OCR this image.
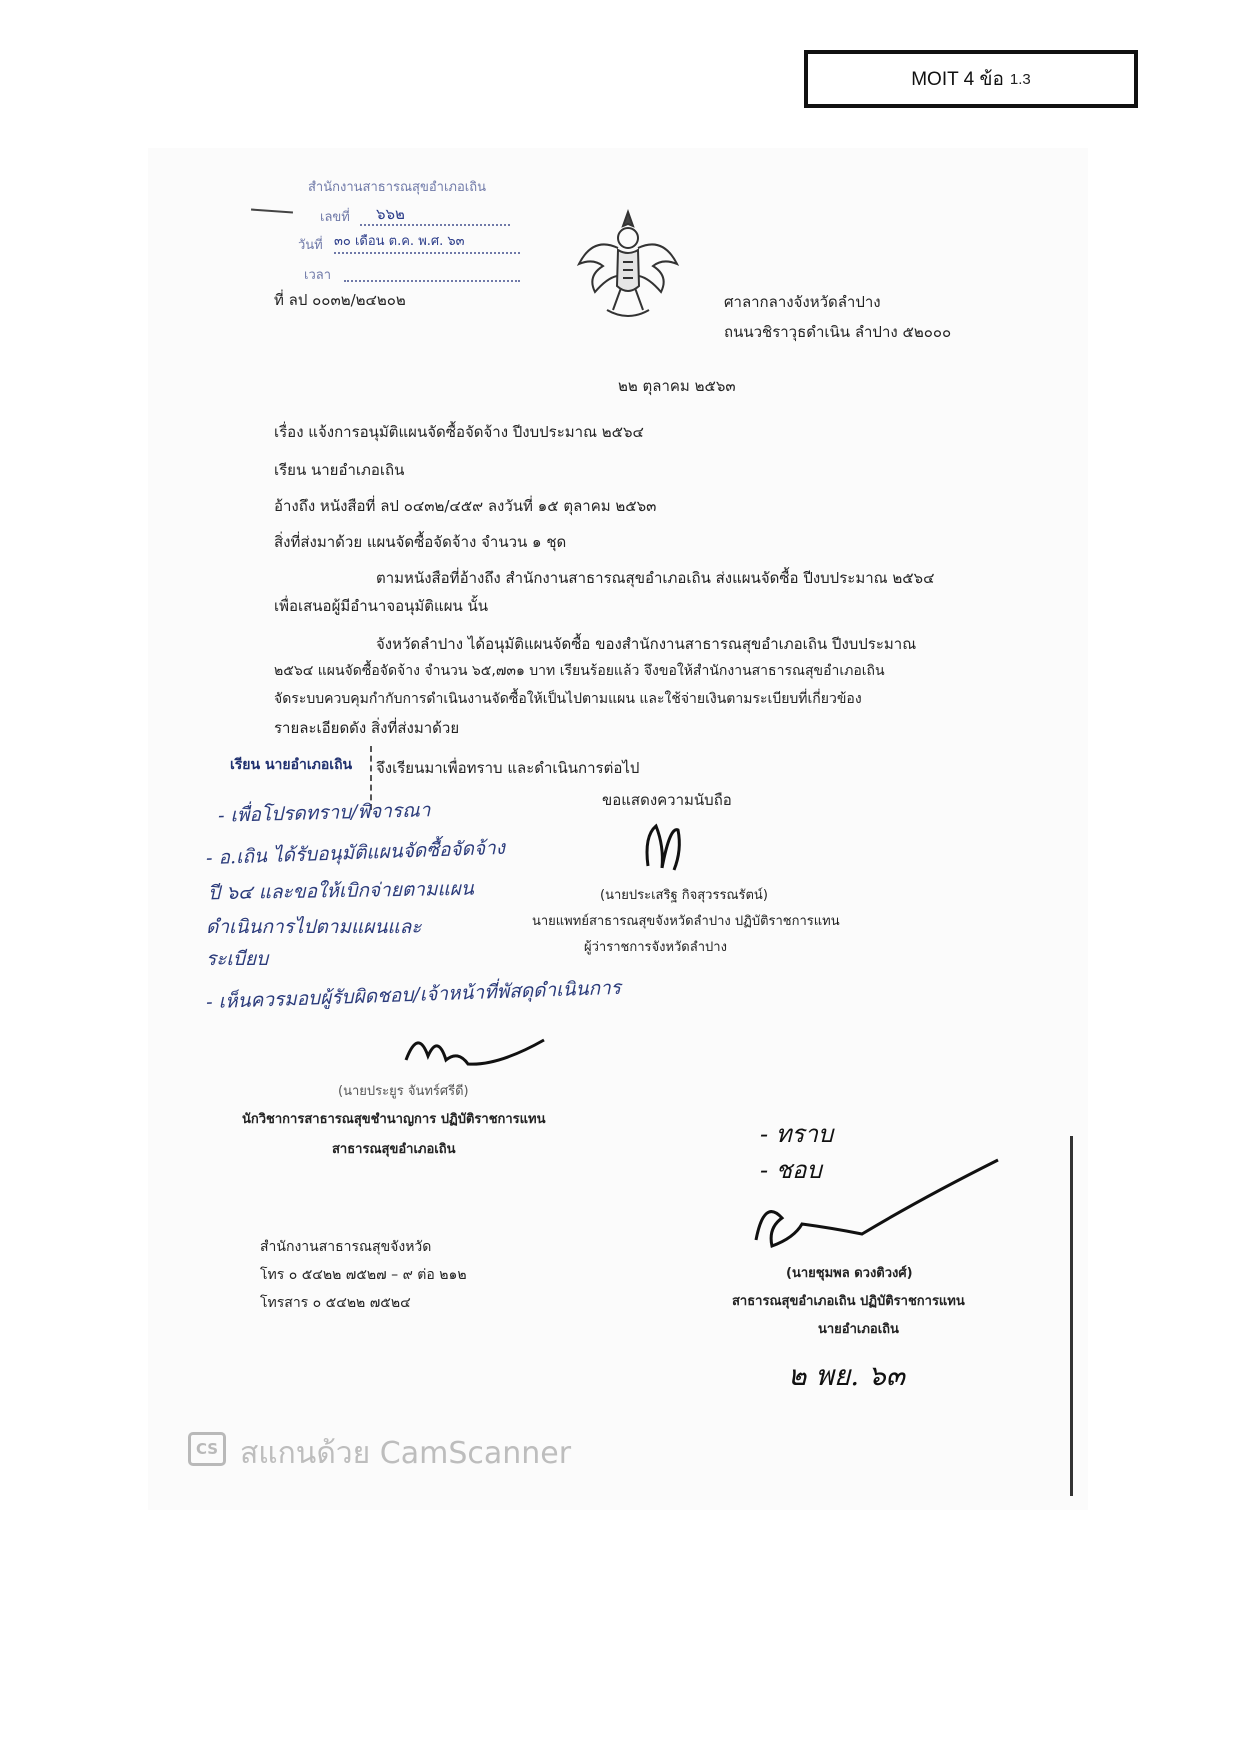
MOIT 4 ข้อ 1.3
สำนักงานสาธารณสุขอำเภอเถิน
เลขที่ ๖๖๒
วันที่ ๓๐ เดือน ต.ค. พ.ศ. ๖๓
เวลา
ที่ ลป ๐๐๓๒/๒๔๒๐๒	ศาลากลางจังหวัดลำปาง
ถนนวชิราวุธดำเนิน ลำปาง ๕๒๐๐๐
๒๒ ตุลาคม ๒๕๖๓
เรื่อง แจ้งการอนุมัติแผนจัดซื้อจัดจ้าง ปีงบประมาณ ๒๕๖๔
เรียน นายอำเภอเถิน
อ้างถึง หนังสือที่ ลป ๐๔๓๒/๔๕๙ ลงวันที่ ๑๕ ตุลาคม ๒๕๖๓
สิ่งที่ส่งมาด้วย แผนจัดซื้อจัดจ้าง จำนวน ๑ ชุด
ตามหนังสือที่อ้างถึง สำนักงานสาธารณสุขอำเภอเถิน ส่งแผนจัดซื้อ ปีงบประมาณ ๒๕๖๔
เพื่อเสนอผู้มีอำนาจอนุมัติแผน นั้น
จังหวัดลำปาง ได้อนุมัติแผนจัดซื้อ ของสำนักงานสาธารณสุขอำเภอเถิน ปีงบประมาณ
๒๕๖๔ แผนจัดซื้อจัดจ้าง จำนวน ๖๕,๗๓๑ บาท เรียนร้อยแล้ว จึงขอให้สำนักงานสาธารณสุขอำเภอเถิน
จัดระบบควบคุมกำกับการดำเนินงานจัดซื้อให้เป็นไปตามแผน และใช้จ่ายเงินตามระเบียบที่เกี่ยวข้อง
รายละเอียดดัง สิ่งที่ส่งมาด้วย
จึงเรียนมาเพื่อทราบ และดำเนินการต่อไป
ขอแสดงความนับถือ
(นายประเสริฐ กิจสุวรรณรัตน์)
นายแพทย์สาธารณสุขจังหวัดลำปาง ปฏิบัติราชการแทน
ผู้ว่าราชการจังหวัดลำปาง
เรียน นายอำเภอเถิน
- เพื่อโปรดทราบ/พิจารณา
- อ.เถิน ได้รับอนุมัติแผนจัดซื้อจัดจ้าง
ปี ๖๔ และขอให้เบิกจ่ายตามแผน
ดำเนินการไปตามแผนและ
ระเบียบ
- เห็นควรมอบผู้รับผิดชอบ/เจ้าหน้าที่พัสดุดำเนินการ
(นายประยูร จันทร์ศรีดี)
นักวิชาการสาธารณสุขชำนาญการ ปฏิบัติราชการแทน
สาธารณสุขอำเภอเถิน
สำนักงานสาธารณสุขจังหวัด
โทร ๐ ๕๔๒๒ ๗๕๒๗ – ๙ ต่อ ๒๑๒
โทรสาร ๐ ๕๔๒๒ ๗๕๒๔
- ทราบ
- ชอบ
(นายชุมพล ดวงติวงศ์)
สาธารณสุขอำเภอเถิน ปฏิบัติราชการแทน
นายอำเภอเถิน
๒ พย. ๖๓
CS สแกนด้วย CamScanner
